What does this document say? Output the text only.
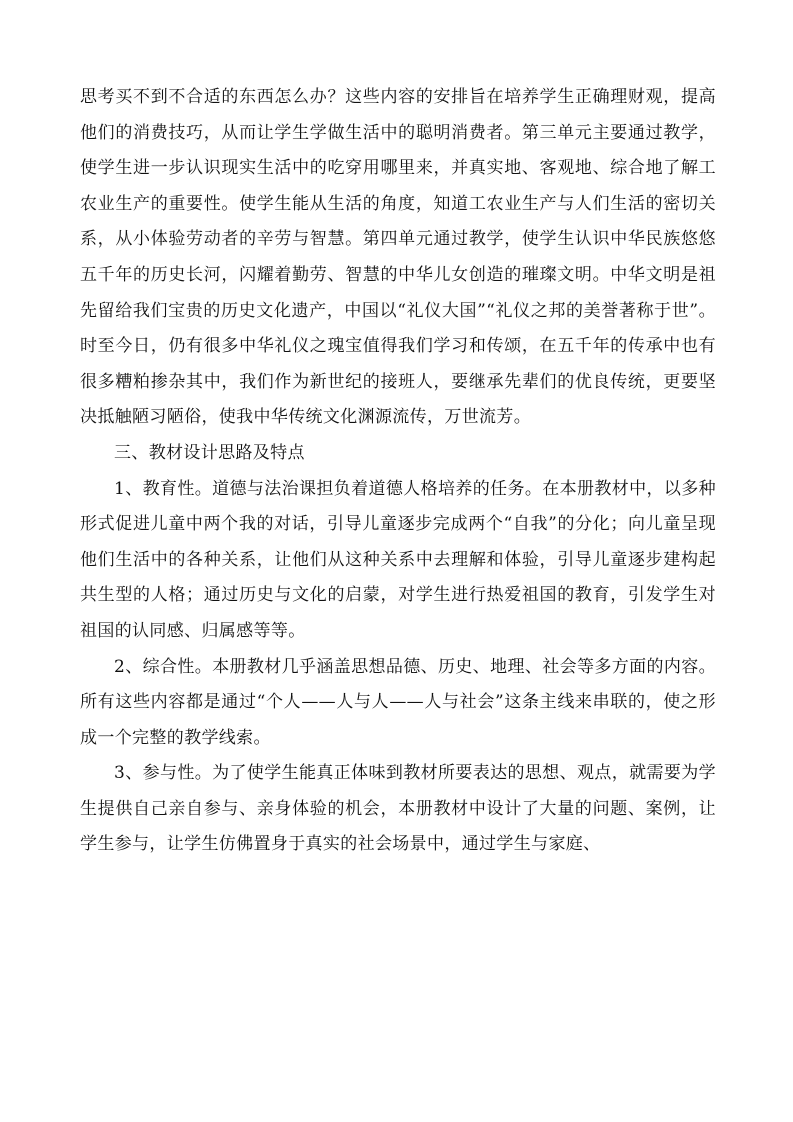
思考买不到不合适的东西怎么办？这些内容的安排旨在培养学生正确理财观，提高他们的消费技巧，从而让学生学做生活中的聪明消费者。第三单元主要通过教学，使学生进一步认识现实生活中的吃穿用哪里来，并真实地、客观地、综合地了解工农业生产的重要性。使学生能从生活的角度，知道工农业生产与人们生活的密切关系，从小体验劳动者的辛劳与智慧。第四单元通过教学，使学生认识中华民族悠悠五千年的历史长河，闪耀着勤劳、智慧的中华儿女创造的璀璨文明。中华文明是祖先留给我们宝贵的历史文化遗产，中国以“礼仪大国”“礼仪之邦的美誉著称于世”。时至今日，仍有很多中华礼仪之瑰宝值得我们学习和传颂，在五千年的传承中也有很多糟粕掺杂其中，我们作为新世纪的接班人，要继承先辈们的优良传统，更要坚决抵触陋习陋俗，使我中华传统文化渊源流传，万世流芳。

三、教材设计思路及特点

1、教育性。道德与法治课担负着道德人格培养的任务。在本册教材中，以多种形式促进儿童中两个我的对话，引导儿童逐步完成两个“自我”的分化；向儿童呈现他们生活中的各种关系，让他们从这种关系中去理解和体验，引导儿童逐步建构起共生型的人格；通过历史与文化的启蒙，对学生进行热爱祖国的教育，引发学生对祖国的认同感、归属感等等。

2、综合性。本册教材几乎涵盖思想品德、历史、地理、社会等多方面的内容。所有这些内容都是通过“个人——人与人——人与社会”这条主线来串联的，使之形成一个完整的教学线索。

3、参与性。为了使学生能真正体味到教材所要表达的思想、观点，就需要为学生提供自己亲自参与、亲身体验的机会，本册教材中设计了大量的问题、案例，让学生参与，让学生仿佛置身于真实的社会场景中，通过学生与家庭、
